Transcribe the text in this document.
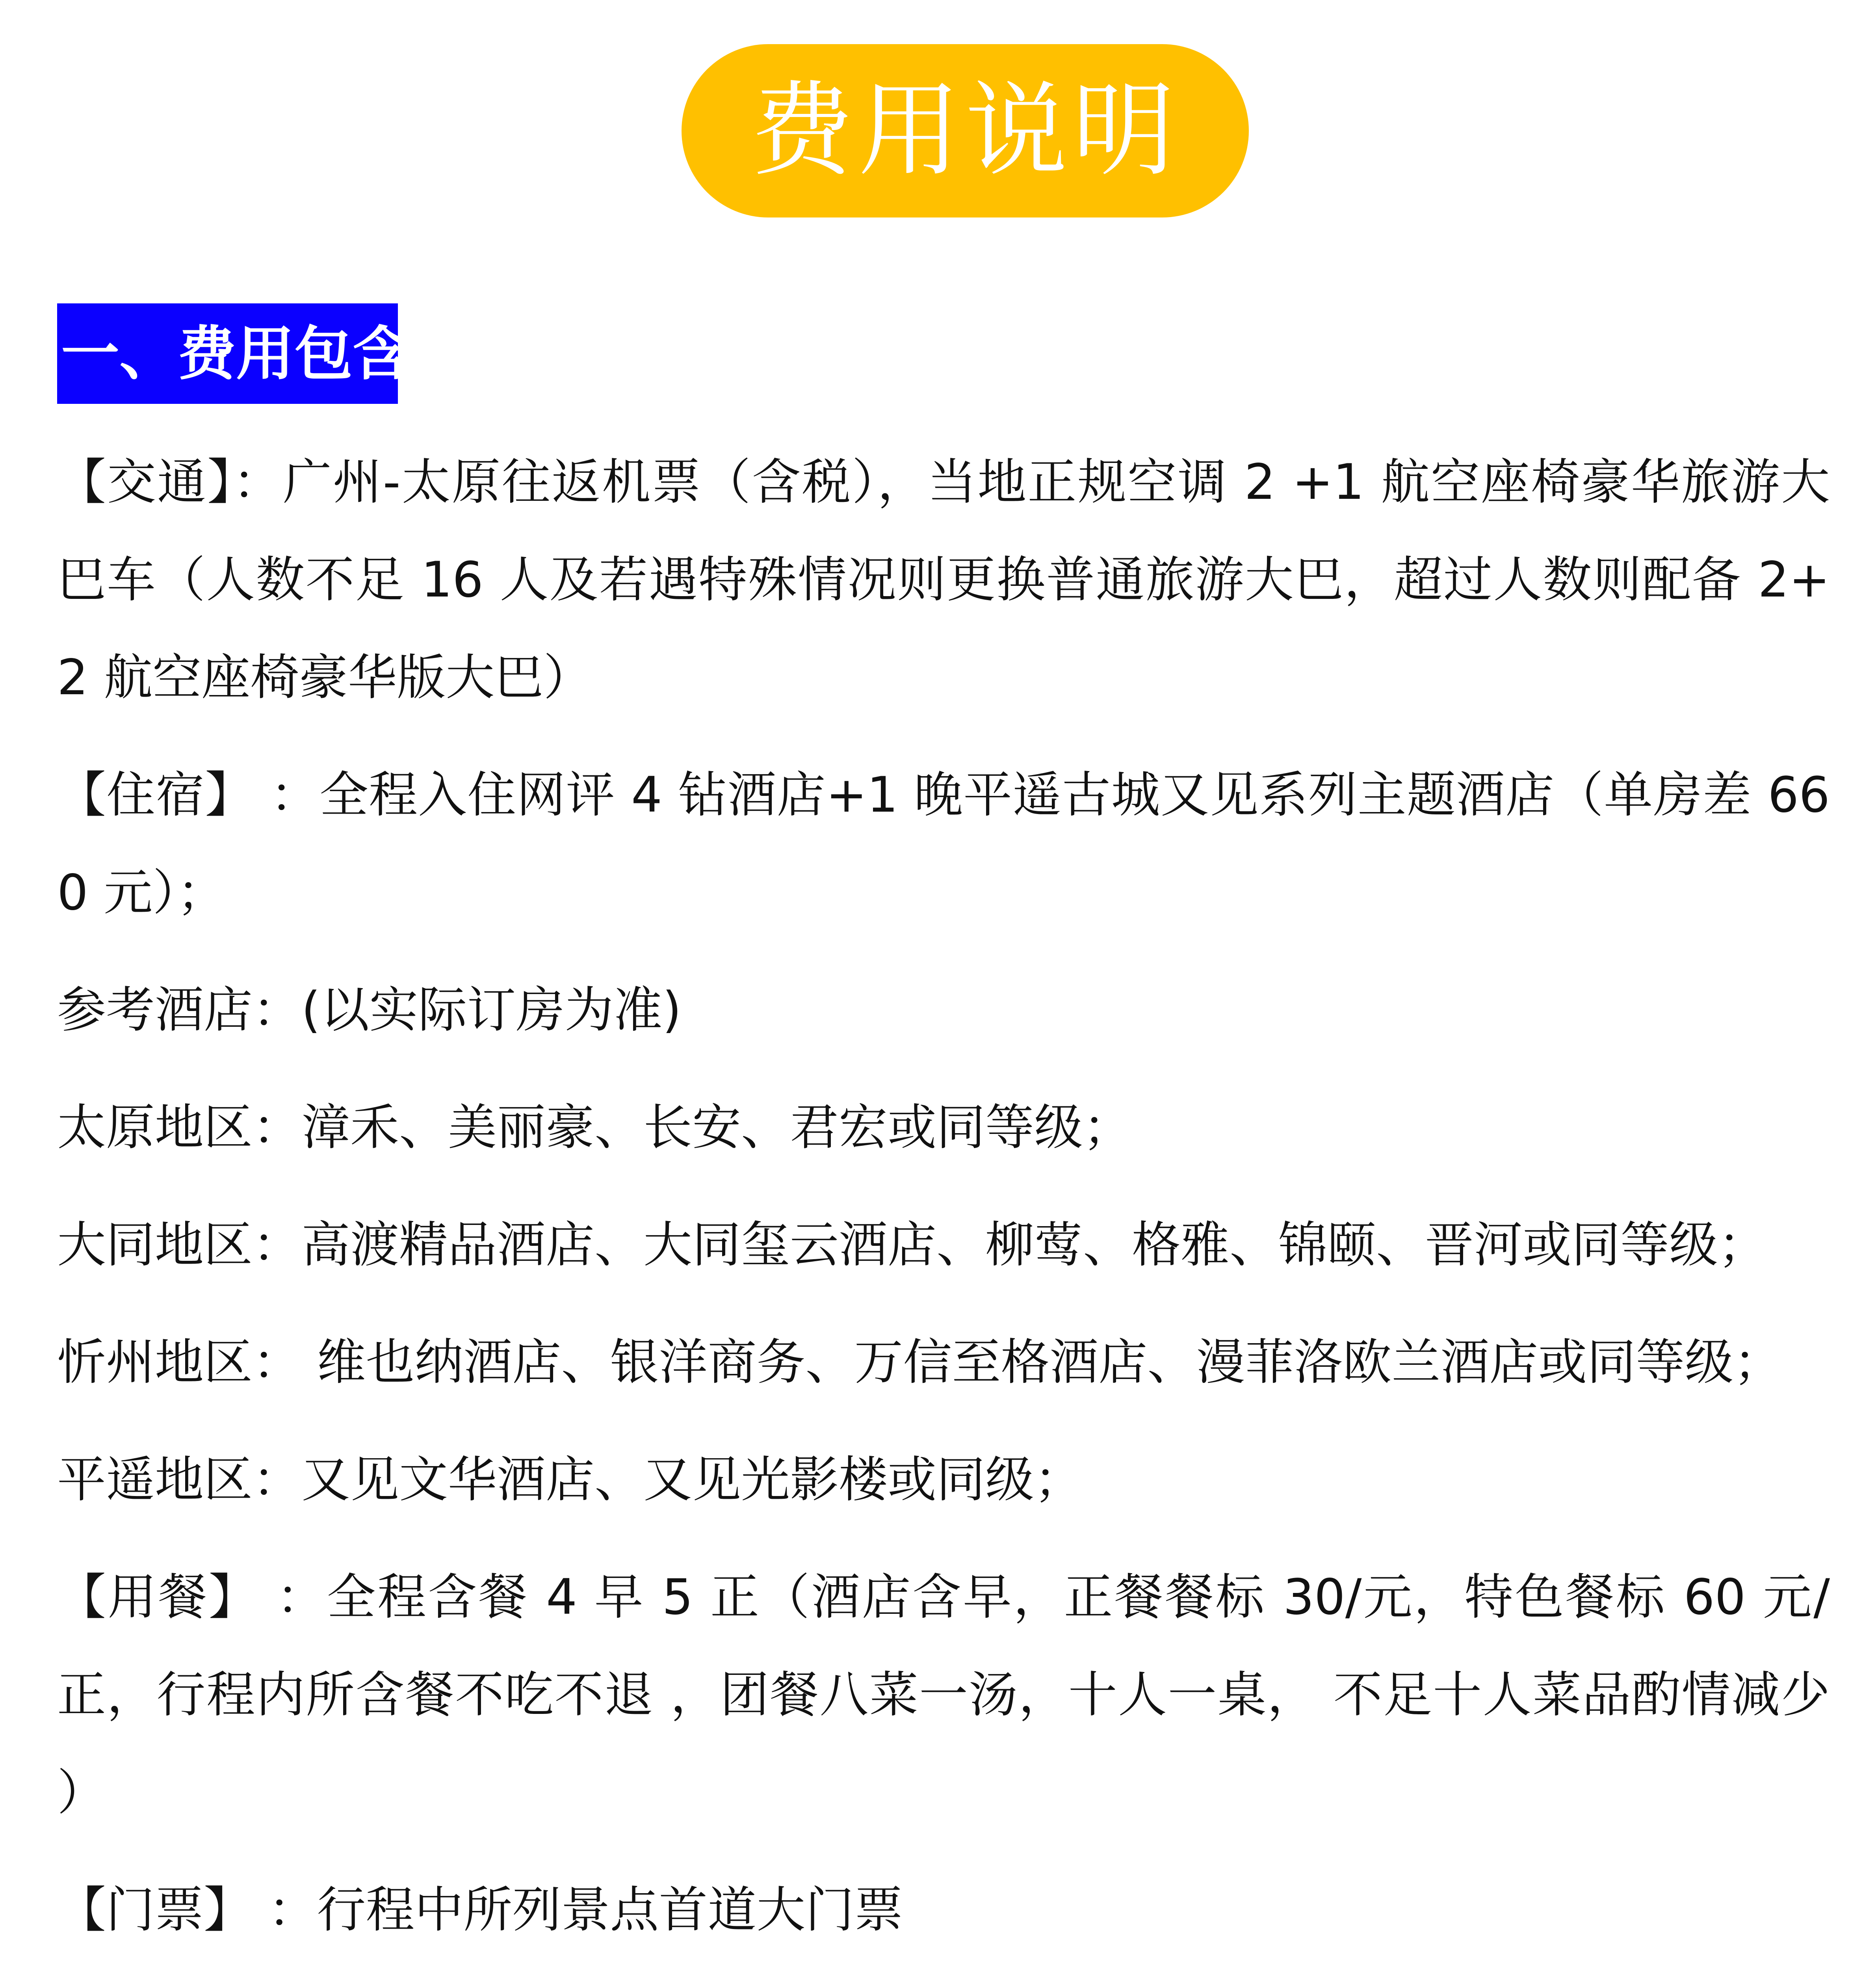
费用说明
一、费用包含

【交通】：广州-太原往返机票（含税），当地正规空调 2 +1 航空座椅豪华旅游大巴车（人数不足 16 人及若遇特殊情况则更换普通旅游大巴，超过人数则配备 2+2 航空座椅豪华版大巴）

【住宿】 ：全程入住网评 4 钻酒店+1 晚平遥古城又见系列主题酒店（单房差 660 元）；

参考酒店：(以实际订房为准)

太原地区：漳禾、美丽豪、长安、君宏或同等级；

大同地区：高渡精品酒店、大同玺云酒店、柳莺、格雅、锦颐、晋河或同等级；

忻州地区： 维也纳酒店、银洋商务、万信至格酒店、漫菲洛欧兰酒店或同等级；

平遥地区：又见文华酒店、又见光影楼或同级；

【用餐】 ：全程含餐 4 早 5 正（酒店含早，正餐餐标 30/元，特色餐标 60 元/正，行程内所含餐不吃不退 ，团餐八菜一汤，十人一桌， 不足十人菜品酌情减少 ）

【门票】 ：行程中所列景点首道大门票
